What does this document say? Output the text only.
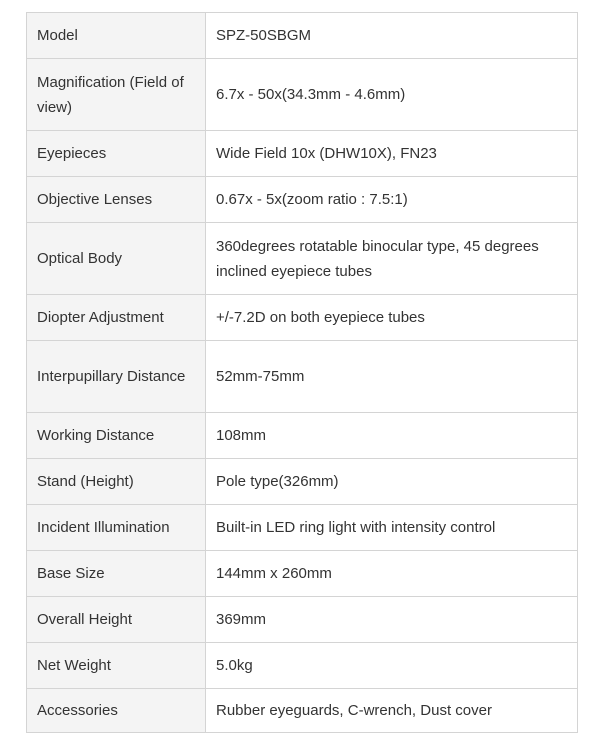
Model	SPZ-50SBGM
Magnification (Field of view)	6.7x - 50x(34.3mm - 4.6mm)
Eyepieces	Wide Field 10x (DHW10X), FN23
Objective Lenses	0.67x - 5x(zoom ratio : 7.5:1)
Optical Body	360degrees rotatable binocular type, 45 degrees inclined eyepiece tubes
Diopter Adjustment	+/-7.2D on both eyepiece tubes
Interpupillary Distance	52mm-75mm
Working Distance	108mm
Stand (Height)	Pole type(326mm)
Incident Illumination	Built-in LED ring light with intensity control
Base Size	144mm x 260mm
Overall Height	369mm
Net Weight	5.0kg
Accessories	Rubber eyeguards, C-wrench, Dust cover
